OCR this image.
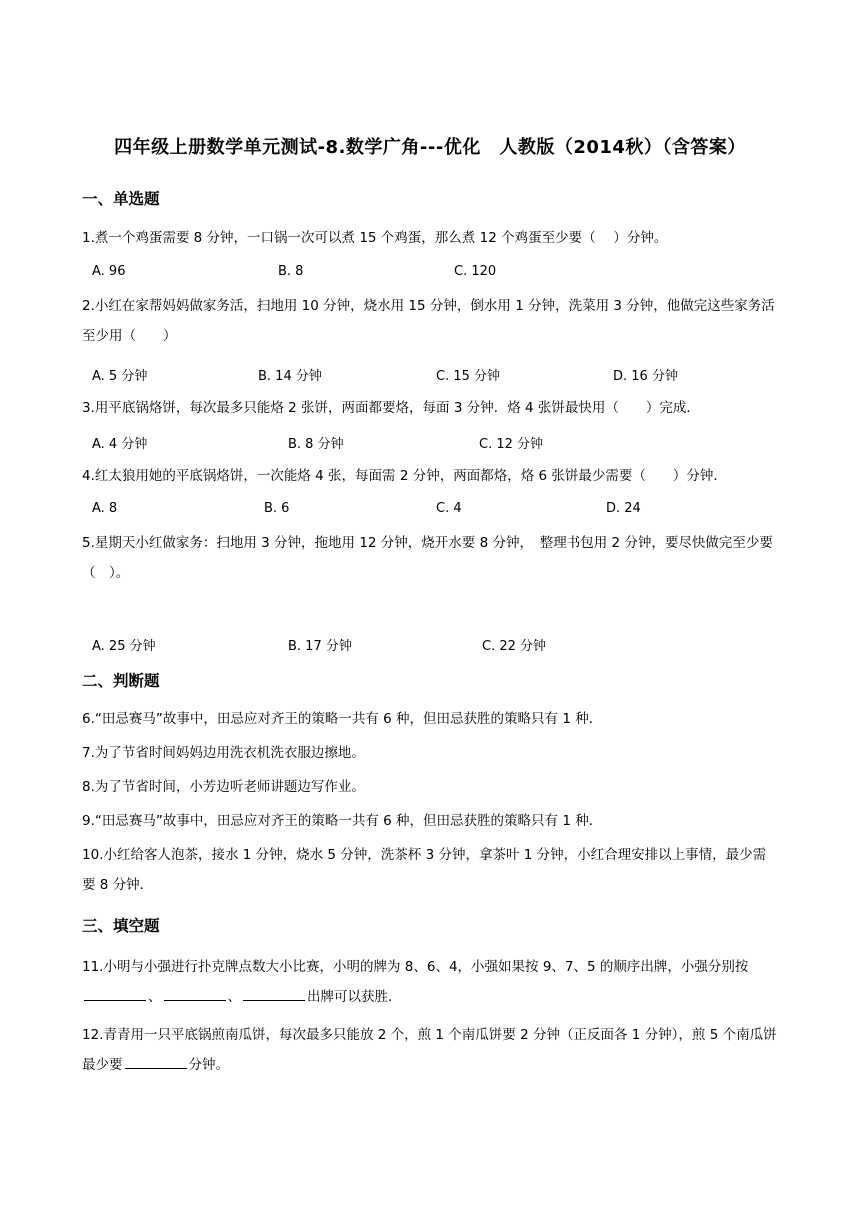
四年级上册数学单元测试-8.数学广角---优化　人教版（2014秋）（含答案）
一、单选题
1.煮一个鸡蛋需要 8 分钟，一口锅一次可以煮 15 个鸡蛋，那么煮 12 个鸡蛋至少要（　 ）分钟。
A. 96	B. 8	C. 120
2.小红在家帮妈妈做家务活，扫地用 10 分钟，烧水用 15 分钟，倒水用 1 分钟，洗菜用 3 分钟，他做完这些家务活至少用（　　）
A. 5 分钟	B. 14 分钟	C. 15 分钟	D. 16 分钟
3.用平底锅烙饼，每次最多只能烙 2 张饼，两面都要烙，每面 3 分钟．烙 4 张饼最快用（　　）完成．
A. 4 分钟	B. 8 分钟	C. 12 分钟
4.红太狼用她的平底锅烙饼，一次能烙 4 张，每面需 2 分钟，两面都烙，烙 6 张饼最少需要（　　）分钟．
A. 8	B. 6	C. 4	D. 24
5.星期天小红做家务：扫地用 3 分钟，拖地用 12 分钟，烧开水要 8 分钟，　整理书包用 2 分钟，要尽快做完至少要（　）。
A. 25 分钟	B. 17 分钟	C. 22 分钟
二、判断题
6.“田忌赛马”故事中，田忌应对齐王的策略一共有 6 种，但田忌获胜的策略只有 1 种．
7.为了节省时间妈妈边用洗衣机洗衣服边擦地。
8.为了节省时间，小芳边听老师讲题边写作业。
9.“田忌赛马”故事中，田忌应对齐王的策略一共有 6 种，但田忌获胜的策略只有 1 种．
10.小红给客人泡茶，接水 1 分钟，烧水 5 分钟，洗茶杯 3 分钟，拿茶叶 1 分钟，小红合理安排以上事情，最少需要 8 分钟．
三、填空题
11.小明与小强进行扑克牌点数大小比赛，小明的牌为 8、6、4，小强如果按 9、7、5 的顺序出牌，小强分别按、	、	出牌可以获胜．
12.青青用一只平底锅煎南瓜饼，每次最多只能放 2 个，煎 1 个南瓜饼要 2 分钟（正反面各 1 分钟），煎 5 个南瓜饼最少要	分钟。
